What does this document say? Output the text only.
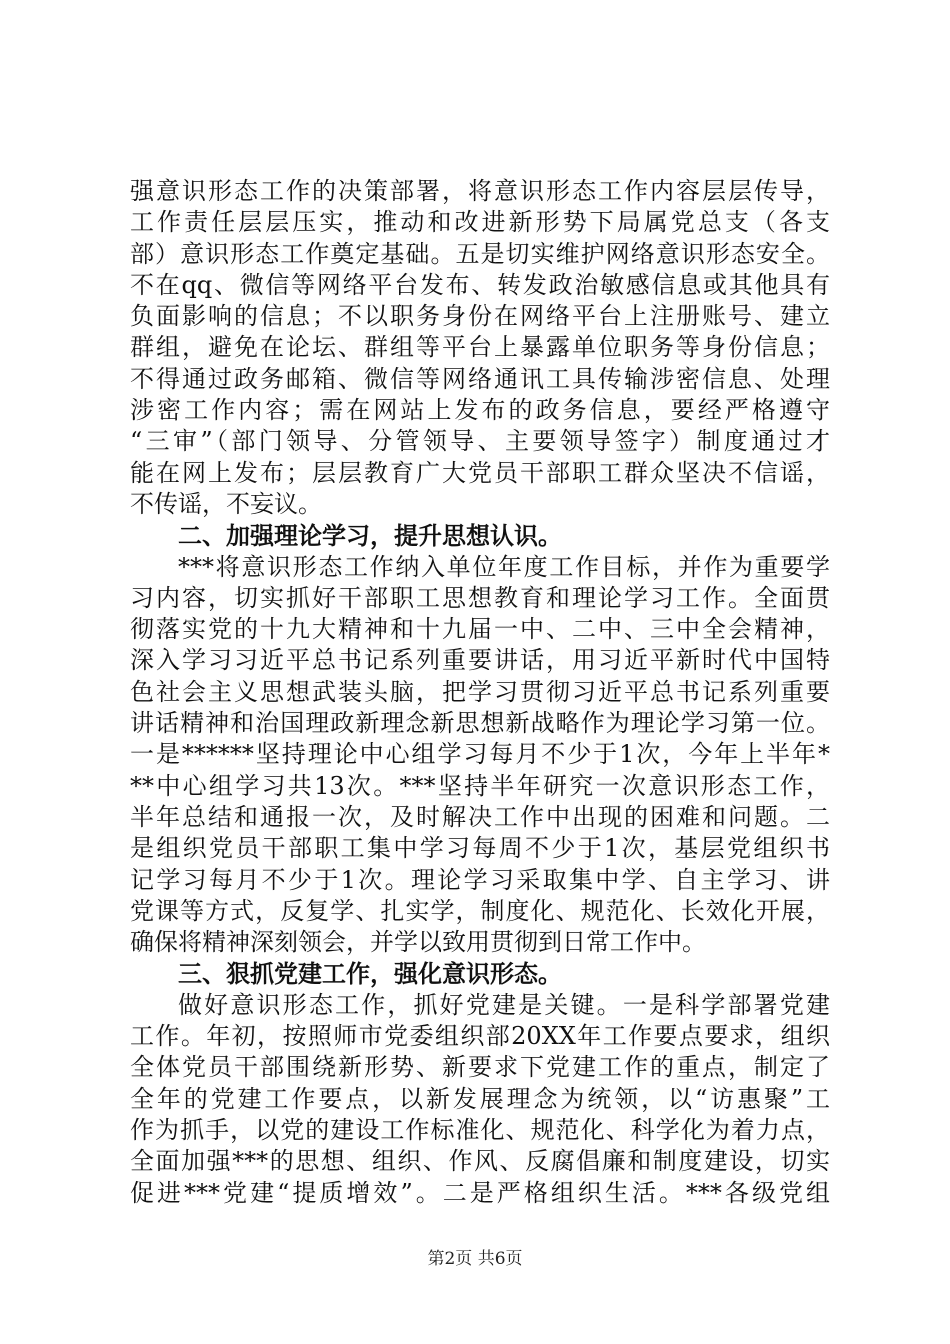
强意识形态工作的决策部署，将意识形态工作内容层层传导，
工作责任层层压实，推动和改进新形势下局属党总支（各支
部）意识形态工作奠定基础。五是切实维护网络意识形态安全。
不在qq、微信等网络平台发布、转发政治敏感信息或其他具有
负面影响的信息；不以职务身份在网络平台上注册账号、建立
群组，避免在论坛、群组等平台上暴露单位职务等身份信息；
不得通过政务邮箱、微信等网络通讯工具传输涉密信息、处理
涉密工作内容；需在网站上发布的政务信息，要经严格遵守
“三审”（部门领导、分管领导、主要领导签字）制度通过才
能在网上发布；层层教育广大党员干部职工群众坚决不信谣，
不传谣，不妄议。
二、加强理论学习，提升思想认识。
***将意识形态工作纳入单位年度工作目标，并作为重要学
习内容，切实抓好干部职工思想教育和理论学习工作。全面贯
彻落实党的十九大精神和十九届一中、二中、三中全会精神，
深入学习习近平总书记系列重要讲话，用习近平新时代中国特
色社会主义思想武装头脑，把学习贯彻习近平总书记系列重要
讲话精神和治国理政新理念新思想新战略作为理论学习第一位。
一是******坚持理论中心组学习每月不少于1次，今年上半年*
**中心组学习共13次。***坚持半年研究一次意识形态工作，
半年总结和通报一次，及时解决工作中出现的困难和问题。二
是组织党员干部职工集中学习每周不少于1次，基层党组织书
记学习每月不少于1次。理论学习采取集中学、自主学习、讲
党课等方式，反复学、扎实学，制度化、规范化、长效化开展，
确保将精神深刻领会，并学以致用贯彻到日常工作中。
三、狠抓党建工作，强化意识形态。
做好意识形态工作，抓好党建是关键。一是科学部署党建
工作。年初，按照师市党委组织部20XX年工作要点要求，组织
全体党员干部围绕新形势、新要求下党建工作的重点，制定了
全年的党建工作要点，以新发展理念为统领，以“访惠聚”工
作为抓手，以党的建设工作标准化、规范化、科学化为着力点，
全面加强***的思想、组织、作风、反腐倡廉和制度建设，切实
促进***党建“提质增效”。二是严格组织生活。***各级党组
第2页 共6页
